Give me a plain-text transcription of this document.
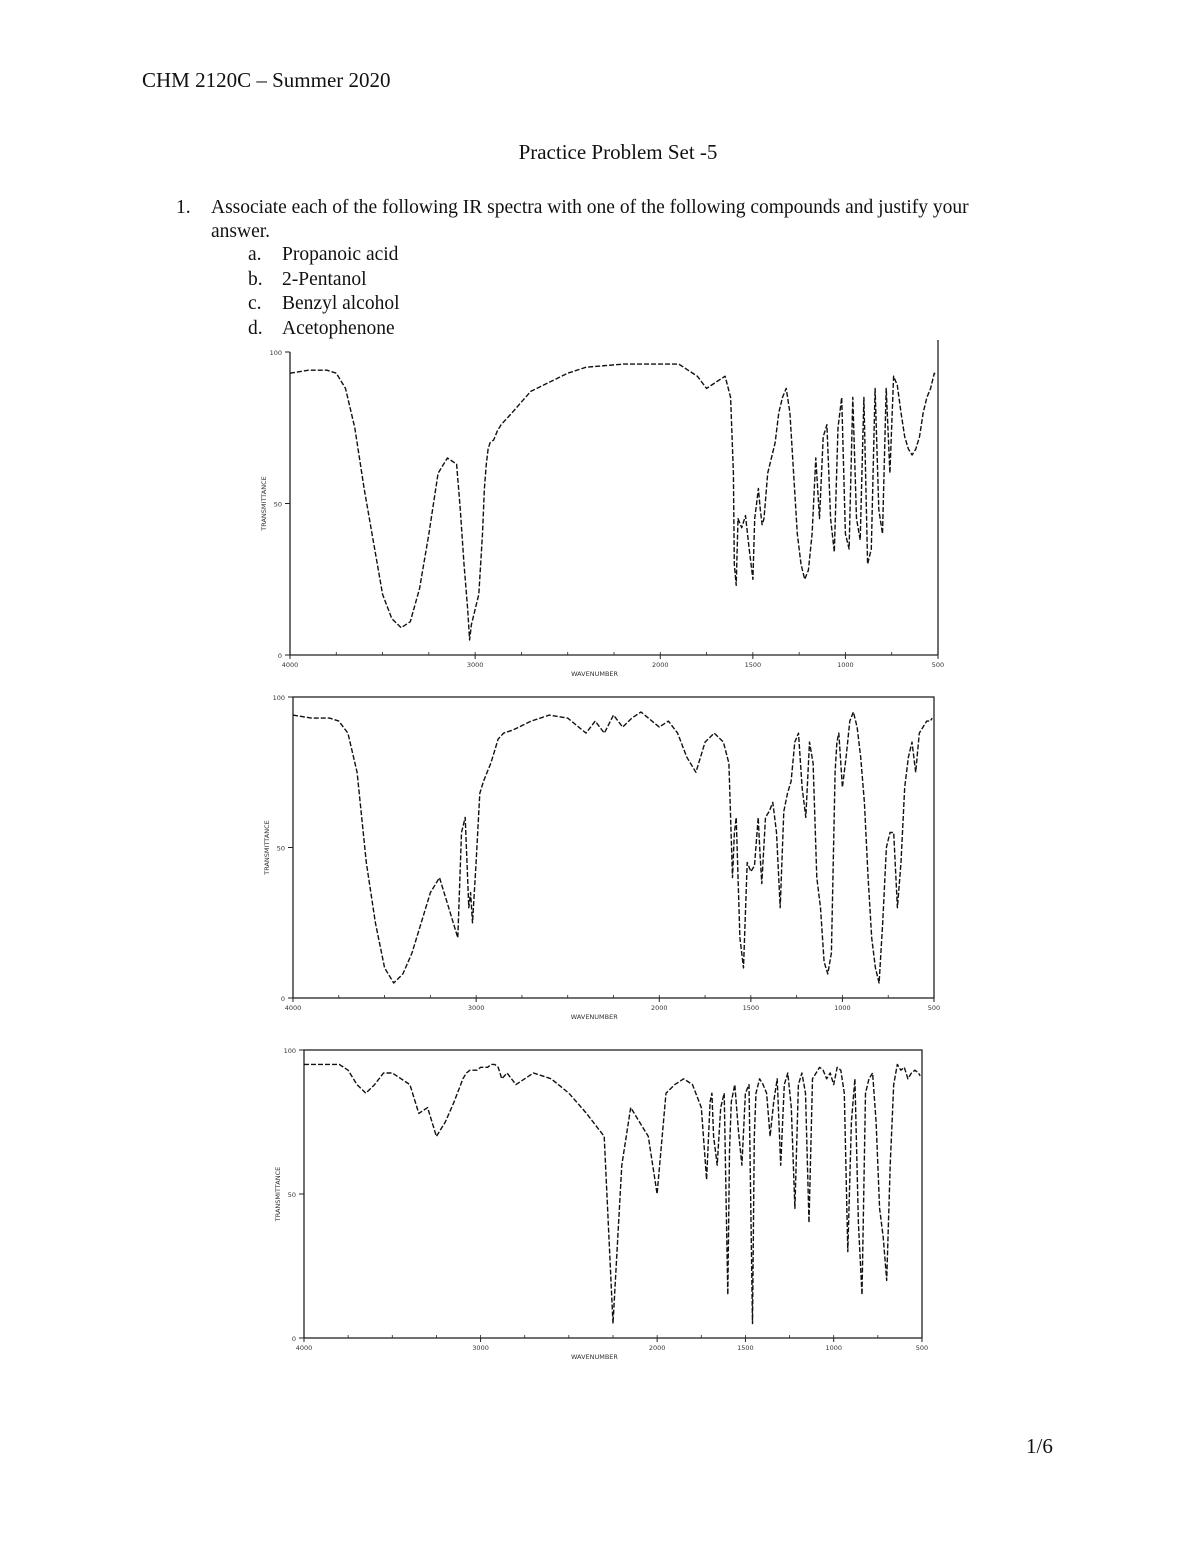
CHM 2120C – Summer 2020
Practice Problem Set -5
1. Associate each of the following IR spectra with one of the following compounds and justify your answer.
a.	Propanoic acid
b. 2-Pentanol
c.	Benzyl alcohol
d. Acetophenone
0
50
100
4000	3000	2000	1500	1000	500
WAVENUMBER
TRANSMITTANCE
0
50
100
4000	3000	2000	1500	1000	500
WAVENUMBER
TRANSMITTANCE
0
50
100
4000	3000	2000	1500	1000	500
WAVENUMBER
TRANSMITTANCE
1/6
